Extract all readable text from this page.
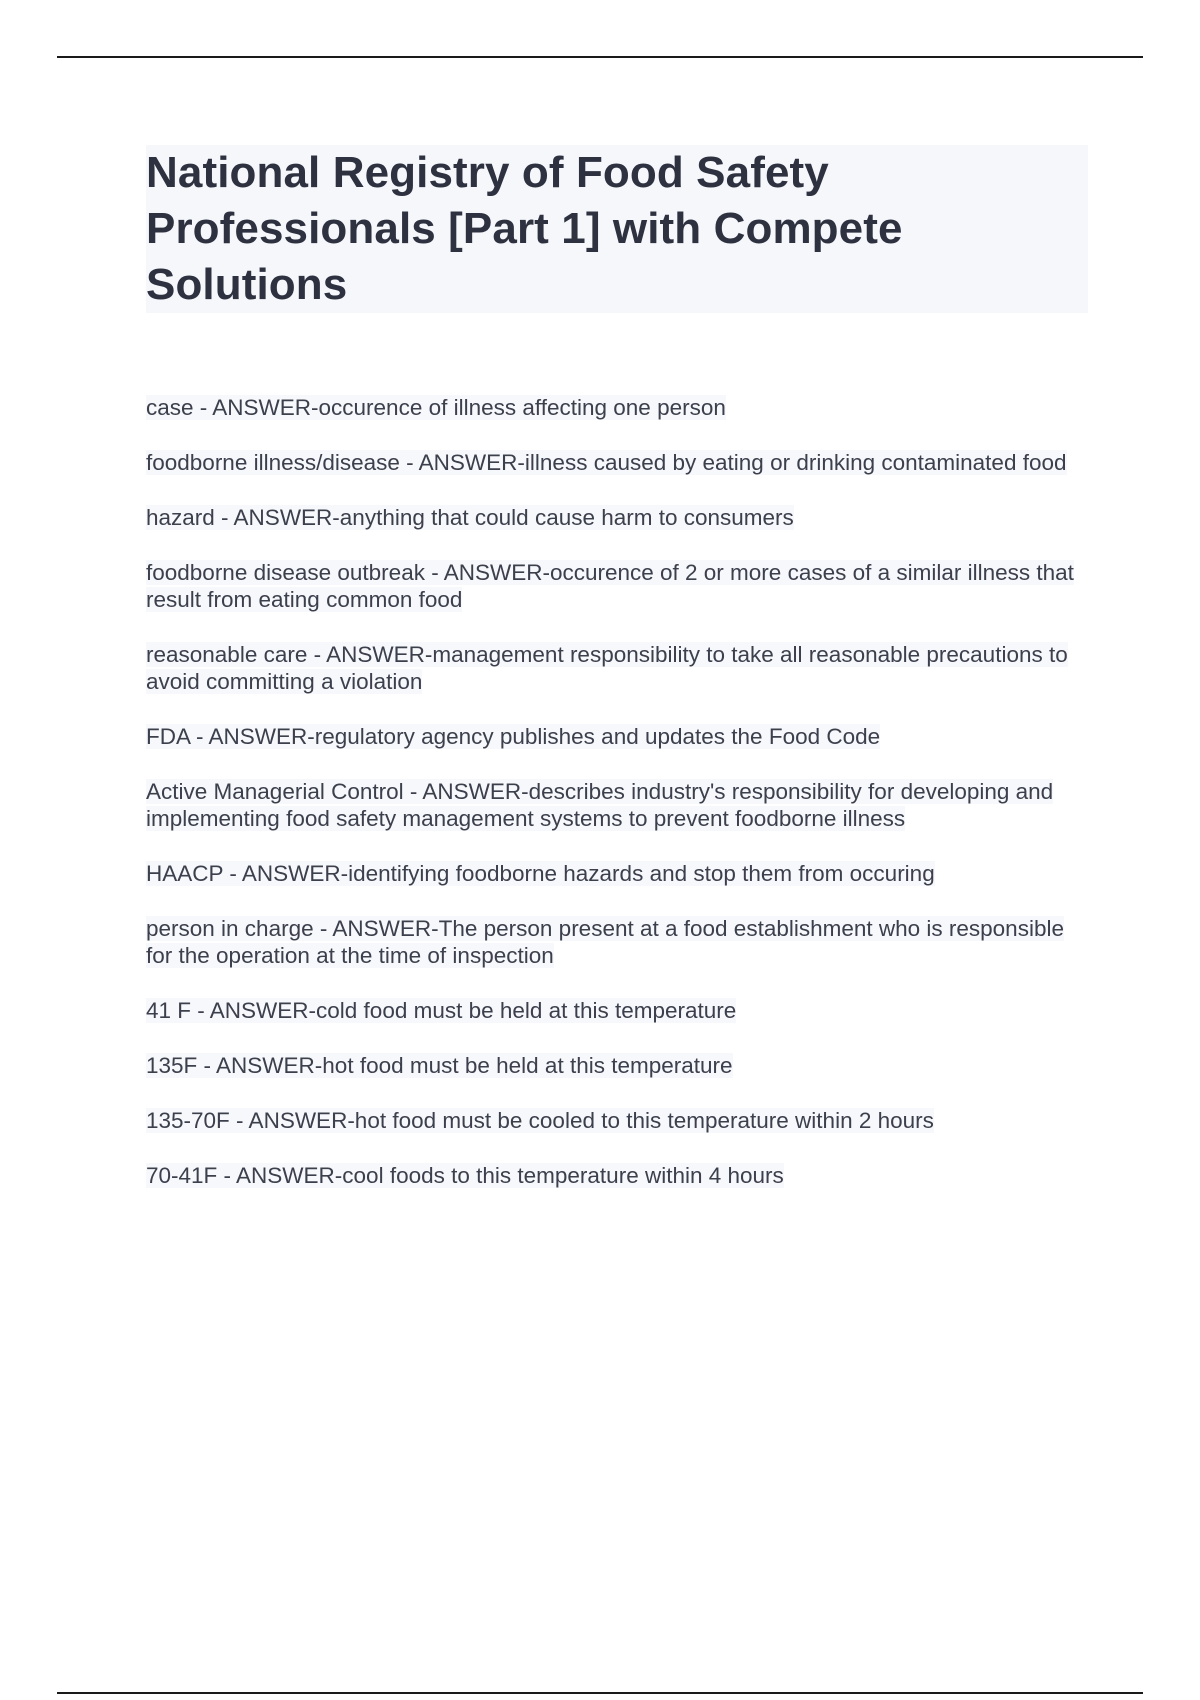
National Registry of Food Safety Professionals [Part 1] with Compete Solutions
case - ANSWER-occurence of illness affecting one person
foodborne illness/disease - ANSWER-illness caused by eating or drinking contaminated food
hazard - ANSWER-anything that could cause harm to consumers
foodborne disease outbreak - ANSWER-occurence of 2 or more cases of a similar illness that result from eating common food
reasonable care - ANSWER-management responsibility to take all reasonable precautions to avoid committing a violation
FDA - ANSWER-regulatory agency publishes and updates the Food Code
Active Managerial Control - ANSWER-describes industry's responsibility for developing and implementing food safety management systems to prevent foodborne illness
HAACP - ANSWER-identifying foodborne hazards and stop them from occuring
person in charge - ANSWER-The person present at a food establishment who is responsible for the operation at the time of inspection
41 F - ANSWER-cold food must be held at this temperature
135F - ANSWER-hot food must be held at this temperature
135-70F - ANSWER-hot food must be cooled to this temperature within 2 hours
70-41F - ANSWER-cool foods to this temperature within 4 hours
